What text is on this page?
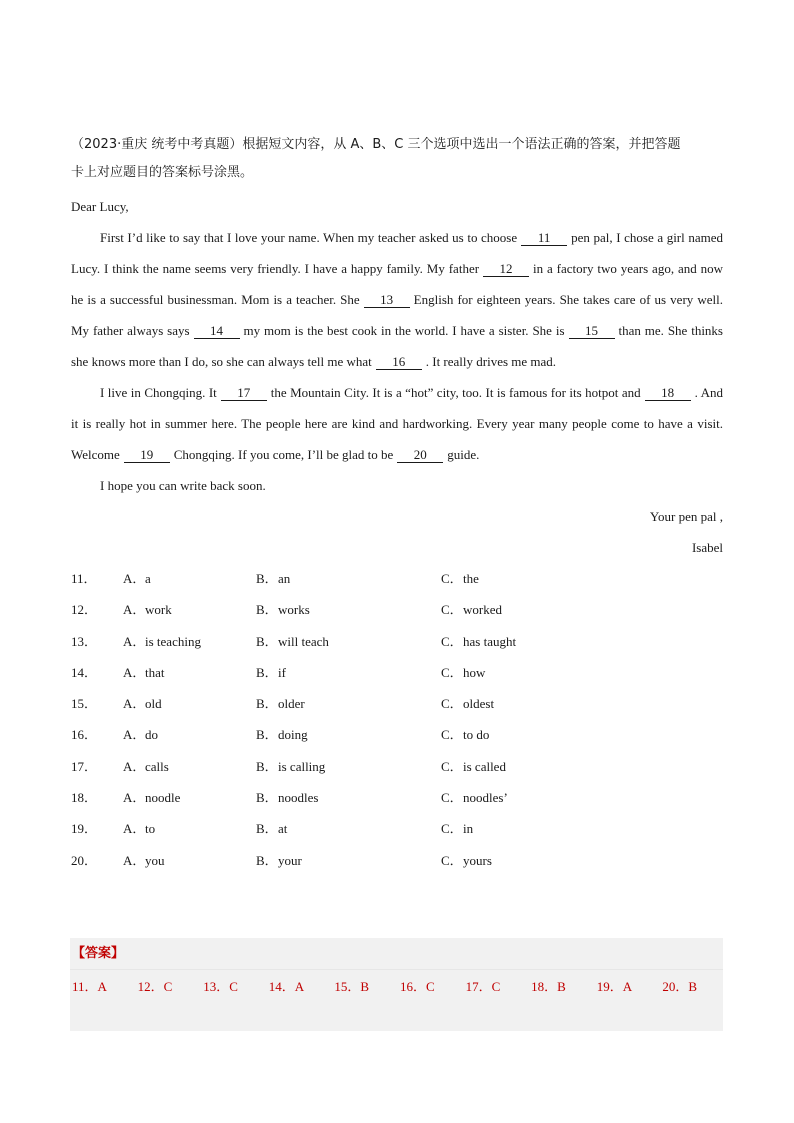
（2023·重庆 统考中考真题）根据短文内容，从 A、B、C 三个选项中选出一个语法正确的答案，并把答题
卡上对应题目的答案标号涂黑。

Dear Lucy,

First I’d like to say that I love your name. When my teacher asked us to choose 11 pen pal, I chose a girl named Lucy. I think the name seems very friendly. I have a happy family. My father 12 in a factory two years ago, and now he is a successful businessman. Mom is a teacher. She 13 English for eighteen years. She takes care of us very well. My father always says 14 my mom is the best cook in the world. I have a sister. She is 15 than me. She thinks she knows more than I do, so she can always tell me what 16 . It really drives me mad.

I live in Chongqing. It 17 the Mountain City. It is a “hot” city, too. It is famous for its hotpot and 18 . And it is really hot in summer here. The people here are kind and hardworking. Every year many people come to have a visit. Welcome 19 Chongqing. If you come, I’ll be glad to be 20 guide.

I hope you can write back soon.

Your pen pal ,

Isabel

11．	A．a	B．an	C．the
12．	A．work	B．works	C．worked
13．	A．is teaching	B．will teach	C．has taught
14．	A．that	B．if	C．how
15．	A．old	B．older	C．oldest
16．	A．do	B．doing	C．to do
17．	A．calls	B．is calling	C．is called
18．	A．noodle	B．noodles	C．noodles’
19．	A．to	B．at	C．in
20．	A．you	B．your	C．yours
【答案】
11．A	12．C	13．C	14．A	15．B	16．C	17．C	18．B	19．A	20．B
